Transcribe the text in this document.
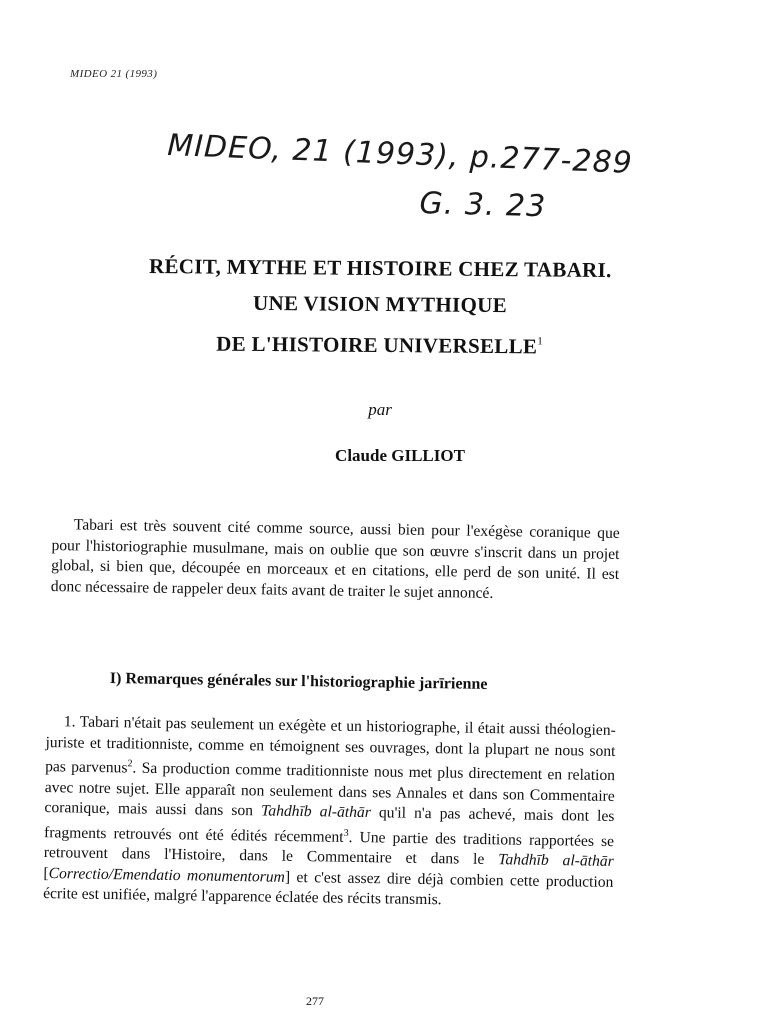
MIDEO 21 (1993)
MIDEO, 21 (1993), p.277-289
G. 3. 23
RÉCIT, MYTHE ET HISTOIRE CHEZ TABARI.
UNE VISION MYTHIQUE
DE L'HISTOIRE UNIVERSELLE$^1$
par
Claude GILLIOT
Tabari est très souvent cité comme source, aussi bien pour l'exégèse coranique que pour l'historiographie musulmane, mais on oublie que son œuvre s'inscrit dans un projet global, si bien que, découpée en morceaux et en citations, elle perd de son unité. Il est donc nécessaire de rappeler deux faits avant de traiter le sujet annoncé.
I) Remarques générales sur l'historiographie jarīrienne
1. Tabari n'était pas seulement un exégète et un historiographe, il était aussi théologien-juriste et traditionniste, comme en témoignent ses ouvrages, dont la plupart ne nous sont pas parvenus$^2$. Sa production comme traditionniste nous met plus directement en relation avec notre sujet. Elle apparaît non seulement dans ses Annales et dans son Commentaire coranique, mais aussi dans son Tahdhīb al-āthār qu'il n'a pas achevé, mais dont les fragments retrouvés ont été édités récemment$^3$. Une partie des traditions rapportées se retrouvent dans l'Histoire, dans le Commentaire et dans le Tahdhīb al-āthār [Correctio/Emendatio monumentorum] et c'est assez dire déjà combien cette production écrite est unifiée, malgré l'apparence éclatée des récits transmis.
277
